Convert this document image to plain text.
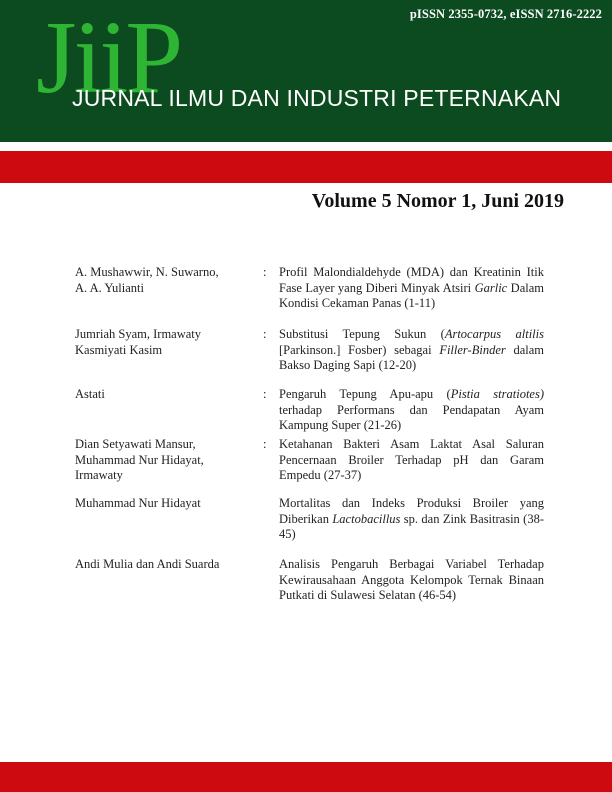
pISSN 2355-0732, eISSN 2716-2222
JiiP
JURNAL ILMU DAN INDUSTRI PETERNAKAN
Volume 5 Nomor 1, Juni 2019
A. Mushawwir, N. Suwarno,
A. A. Yulianti
:	Profil Malondialdehyde (MDA) dan Kreatinin Itik Fase Layer yang Diberi Minyak Atsiri Garlic Dalam Kondisi Cekaman Panas (1-11)
Jumriah Syam, Irmawaty
Kasmiyati Kasim
:	Substitusi Tepung Sukun (Artocarpus altilis [Parkinson.] Fosber) sebagai Filler-Binder dalam Bakso Daging Sapi (12-20)
Astati	:	Pengaruh Tepung Apu-apu (Pistia stratiotes) terhadap Performans dan Pendapatan Ayam Kampung Super (21-26)
Dian Setyawati Mansur,
Muhammad Nur Hidayat,
Irmawaty
:	Ketahanan Bakteri Asam Laktat Asal Saluran Pencernaan Broiler Terhadap pH dan Garam Empedu (27-37)
Muhammad Nur Hidayat	Mortalitas dan Indeks Produksi Broiler yang Diberikan Lactobacillus sp. dan Zink Basitrasin (38-45)
Andi Mulia dan Andi Suarda	Analisis Pengaruh Berbagai Variabel Terhadap Kewirausahaan Anggota Kelompok Ternak Binaan Putkati di Sulawesi Selatan (46-54)
